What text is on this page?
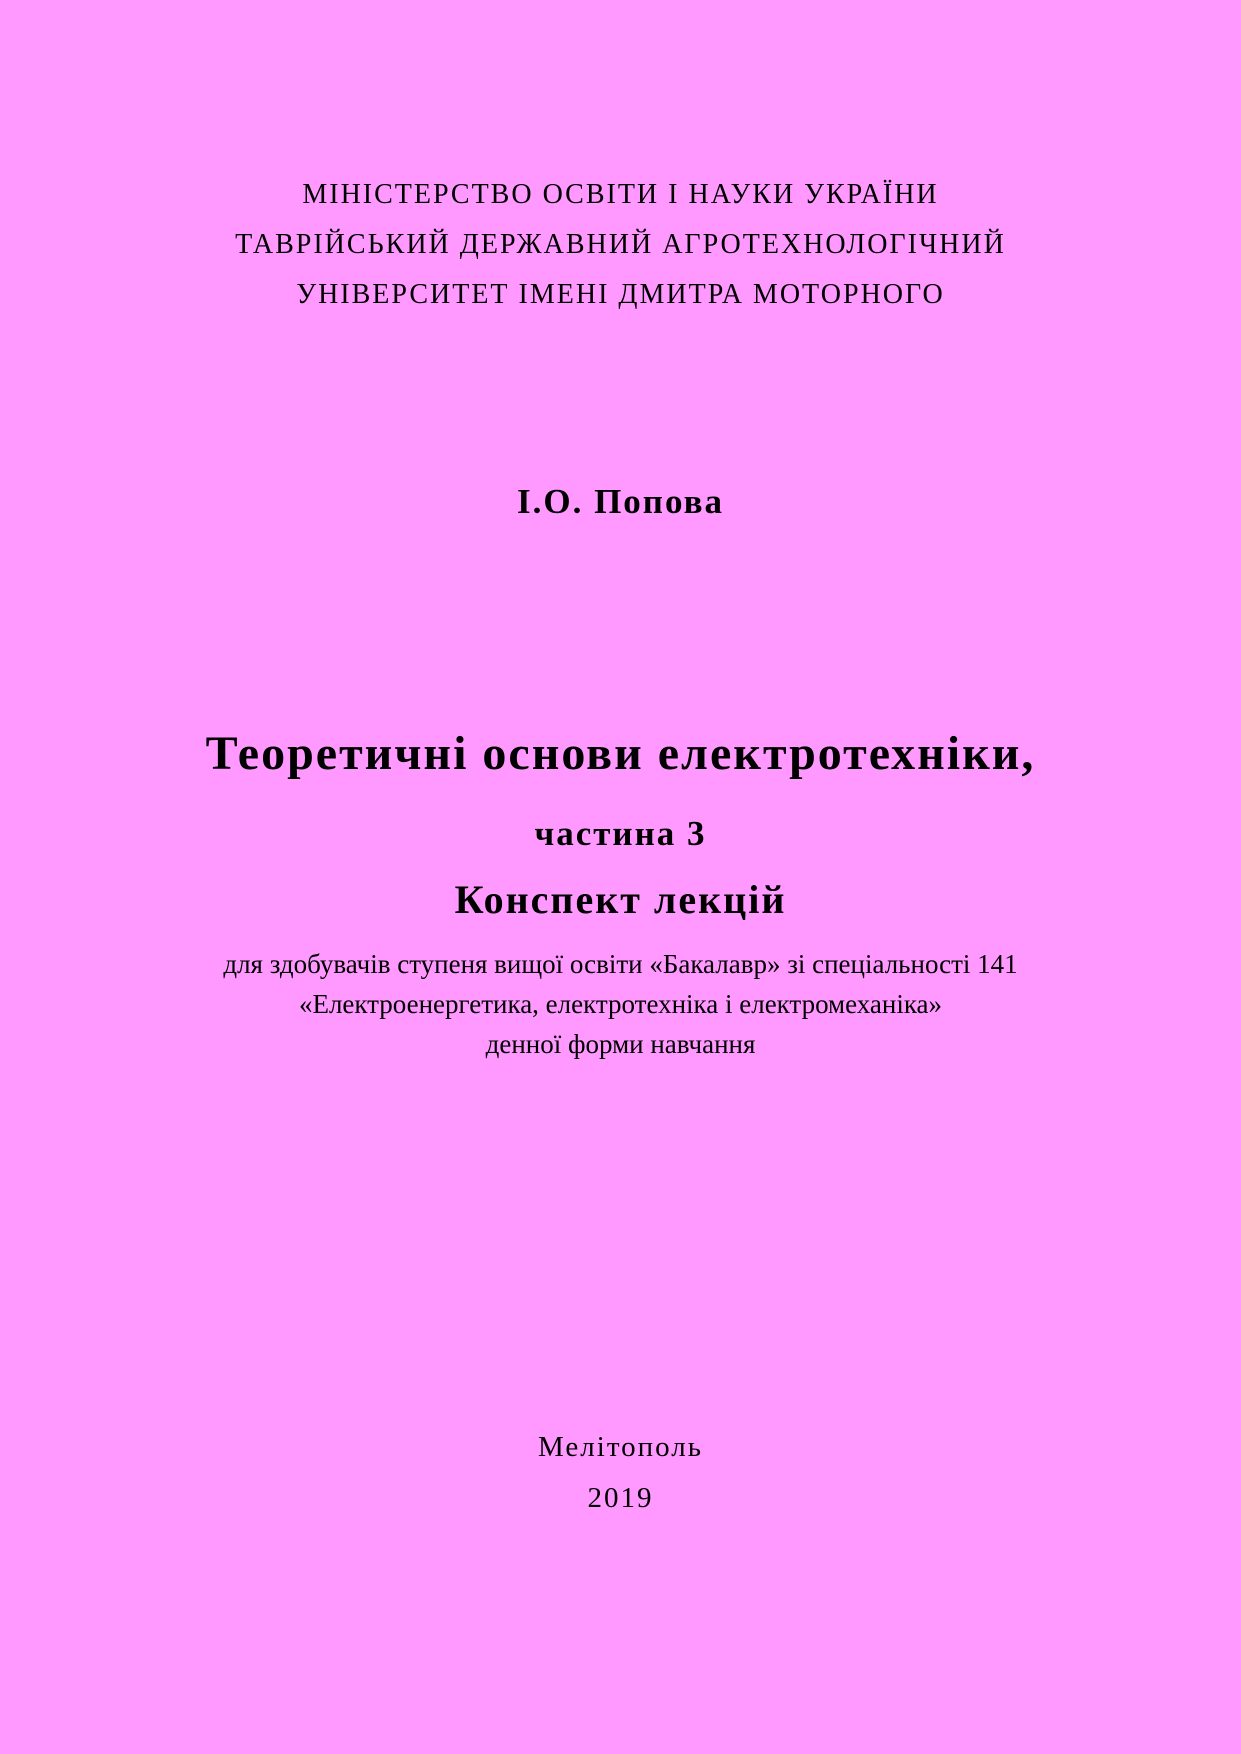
МІНІСТЕРСТВО ОСВІТИ І НАУКИ УКРАЇНИ
ТАВРІЙСЬКИЙ ДЕРЖАВНИЙ АГРОТЕХНОЛОГІЧНИЙ
УНІВЕРСИТЕТ ІМЕНІ ДМИТРА МОТОРНОГО
І.О. Попова
Теоретичні основи електротехніки,
частина 3
Конспект лекцій
для здобувачів ступеня вищої освіти «Бакалавр» зі спеціальності 141
«Електроенергетика, електротехніка і електромеханіка»
денної форми навчання
Мелітополь
2019
